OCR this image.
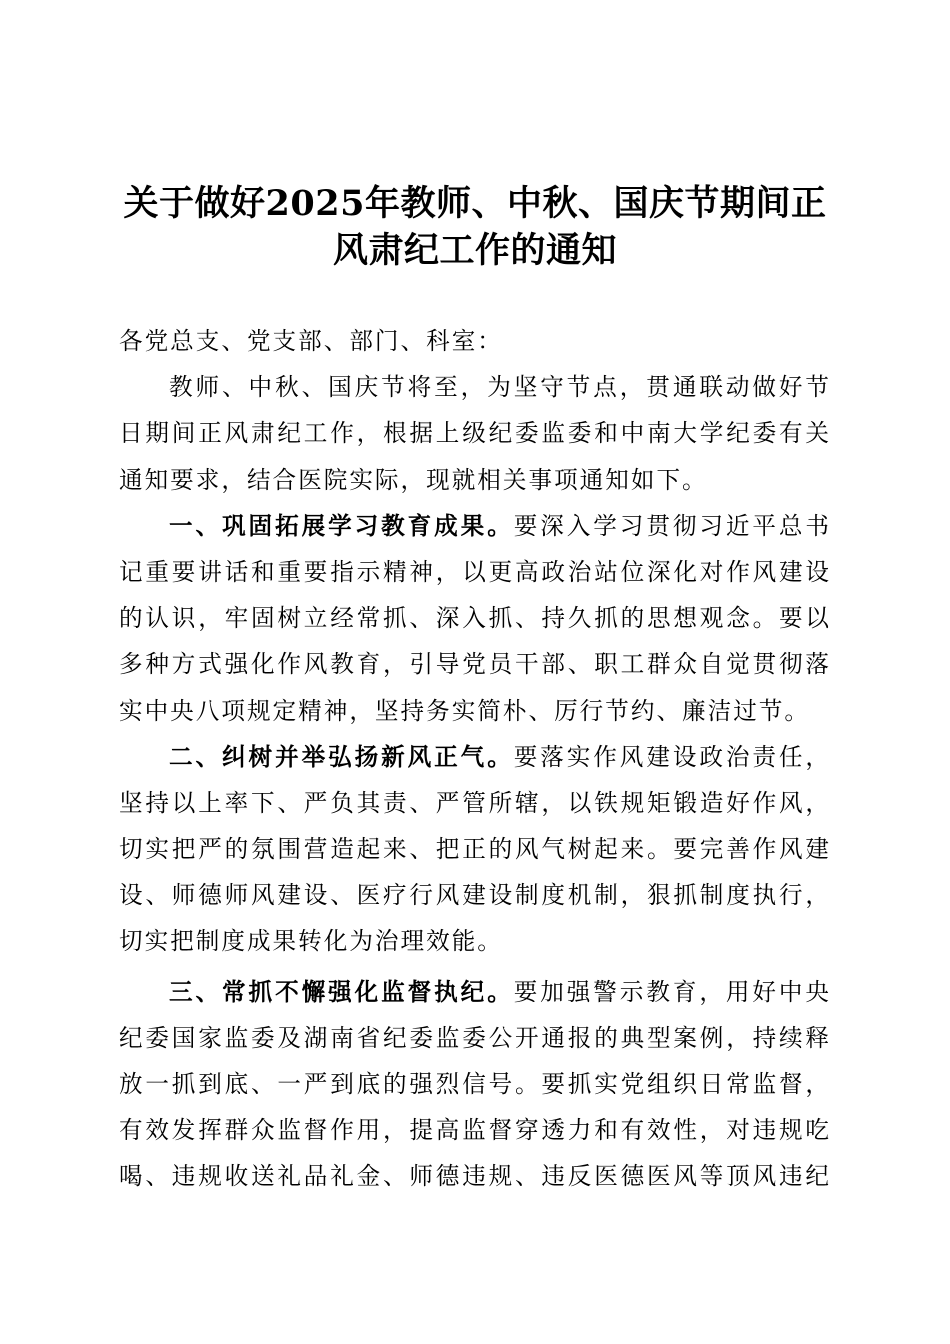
关于做好2025年教师、中秋、国庆节期间正
风肃纪工作的通知
各党总支、党支部、部门、科室：
教师、中秋、国庆节将至，为坚守节点，贯通联动做好节
日期间正风肃纪工作，根据上级纪委监委和中南大学纪委有关
通知要求，结合医院实际，现就相关事项通知如下。
一、巩固拓展学习教育成果。要深入学习贯彻习近平总书
记重要讲话和重要指示精神，以更高政治站位深化对作风建设
的认识，牢固树立经常抓、深入抓、持久抓的思想观念。要以
多种方式强化作风教育，引导党员干部、职工群众自觉贯彻落
实中央八项规定精神，坚持务实简朴、厉行节约、廉洁过节。
二、纠树并举弘扬新风正气。要落实作风建设政治责任，
坚持以上率下、严负其责、严管所辖，以铁规矩锻造好作风，
切实把严的氛围营造起来、把正的风气树起来。要完善作风建
设、师德师风建设、医疗行风建设制度机制，狠抓制度执行，
切实把制度成果转化为治理效能。
三、常抓不懈强化监督执纪。要加强警示教育，用好中央
纪委国家监委及湖南省纪委监委公开通报的典型案例，持续释
放一抓到底、一严到底的强烈信号。要抓实党组织日常监督，
有效发挥群众监督作用，提高监督穿透力和有效性，对违规吃
喝、违规收送礼品礼金、师德违规、违反医德医风等顶风违纪
